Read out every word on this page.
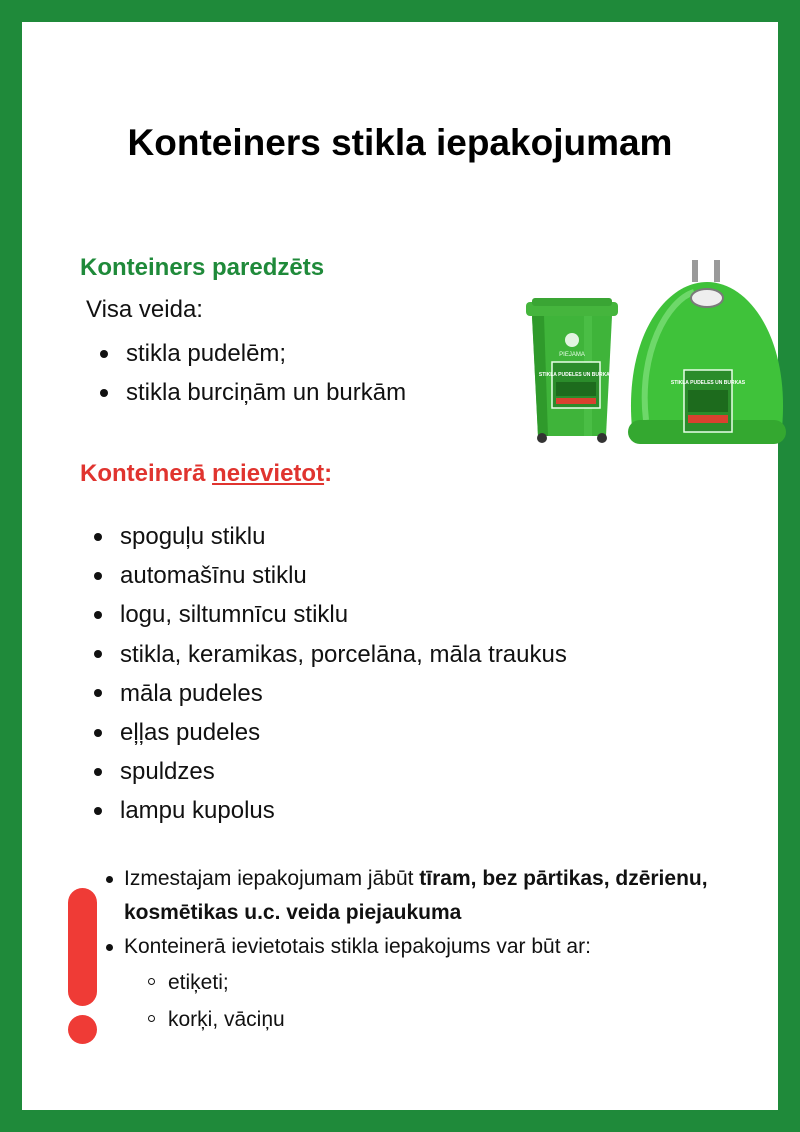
Konteiners stikla iepakojumam
Konteiners paredzēts

Visa veida:

stikla pudelēm;
stikla burciņām un burkām
PIEJAMA
STIKLA PUDELES UN BURKAS
STIKLA PUDELES UN BURKAS
Konteinerā neievietot:
spoguļu stiklu
automašīnu stiklu
logu, siltumnīcu stiklu
stikla, keramikas, porcelāna, māla traukus
māla pudeles
eļļas pudeles
spuldzes
lampu kupolus
Izmestajam iepakojumam jābūt tīram, bez pārtikas, dzērienu, kosmētikas u.c. veida piejaukuma
Konteinerā ievietotais stikla iepakojums var būt ar:
etiķeti;
korķi, vāciņu
